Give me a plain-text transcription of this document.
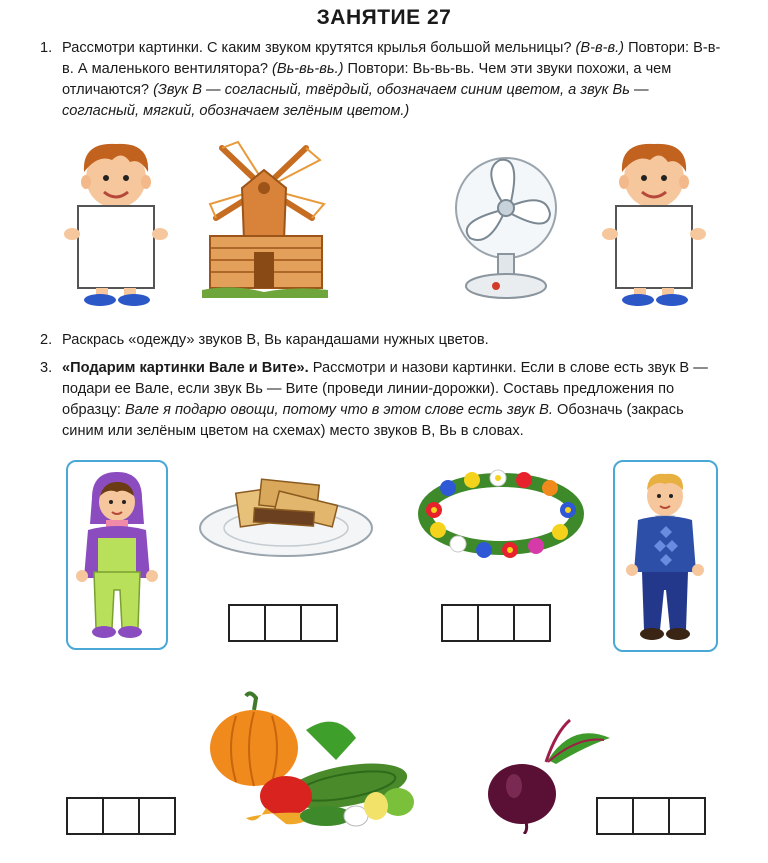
ЗАНЯТИЕ 27
1. Рассмотри картинки. С каким звуком крутятся крылья большой мельницы? (В-в-в.) Повтори: В-в-в. А маленького вентилятора? (Вь-вь-вь.) Повтори: Вь-вь-вь. Чем эти звуки похожи, а чем отличаются? (Звук В — согласный, твёрдый, обозначаем синим цветом, а звук Вь — согласный, мягкий, обозначаем зелёным цветом.)
2. Раскрась «одежду» звуков В, Вь карандашами нужных цветов.
3. «Подарим картинки Вале и Вите». Рассмотри и назови картинки. Если в слове есть звук В — подари ее Вале, если звук Вь — Вите (проведи линии-дорожки). Составь предложения по образцу: Вале я подарю овощи, потому что в этом слове есть звук В. Обозначь (закрась синим или зелёным цветом на схемах) место звуков В, Вь в словах.
